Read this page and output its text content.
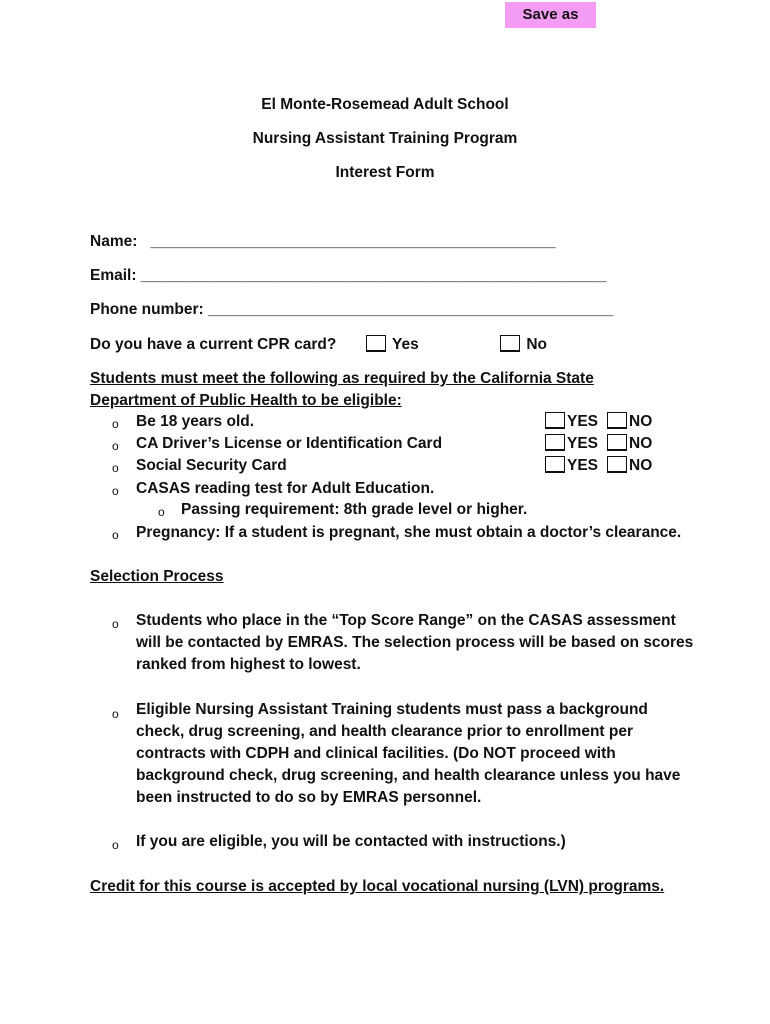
Save as
El Monte-Rosemead Adult School
Nursing Assistant Training Program
Interest Form
Name: _______________________________________________
Email: ______________________________________________________
Phone number: _______________________________________________
Do you have a current CPR card?	Yes	No
Students must meet the following as required by the California State
Department of Public Health to be eligible:
o Be 18 years old.	YES	NO
o CA Driver’s License or Identification Card	YES	NO
o Social Security Card	YES	NO
o CASAS reading test for Adult Education.
o Passing requirement: 8th grade level or higher.
o Pregnancy: If a student is pregnant, she must obtain a doctor’s clearance.
Selection Process
o Students who place in the “Top Score Range” on the CASAS assessment
will be contacted by EMRAS. The selection process will be based on scores
ranked from highest to lowest.
o Eligible Nursing Assistant Training students must pass a background
check, drug screening, and health clearance prior to enrollment per
contracts with CDPH and clinical facilities. (Do NOT proceed with
background check, drug screening, and health clearance unless you have
been instructed to do so by EMRAS personnel.
o If you are eligible, you will be contacted with instructions.)
Credit for this course is accepted by local vocational nursing (LVN) programs.
